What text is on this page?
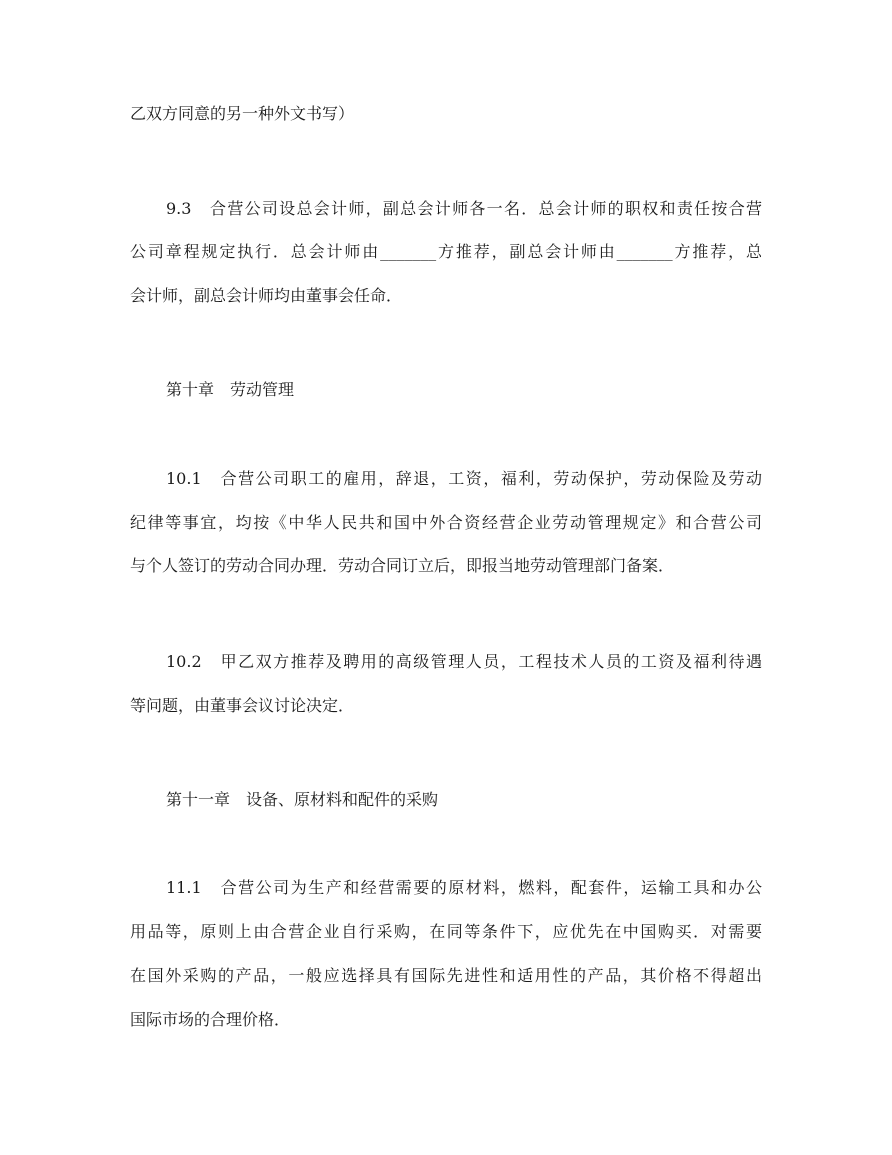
乙双方同意的另一种外文书写）

9.3　合营公司设总会计师，副总会计师各一名．总会计师的职权和责任按合营

公司章程规定执行．总会计师由_______方推荐，副总会计师由_______方推荐，总

会计师，副总会计师均由董事会任命．

第十章　劳动管理

10.1　合营公司职工的雇用，辞退，工资，福利，劳动保护，劳动保险及劳动

纪律等事宜，均按《中华人民共和国中外合资经营企业劳动管理规定》和合营公司

与个人签订的劳动合同办理．劳动合同订立后，即报当地劳动管理部门备案．

10.2　甲乙双方推荐及聘用的高级管理人员，工程技术人员的工资及福利待遇

等问题，由董事会议讨论决定．

第十一章　设备、原材料和配件的采购

11.1　合营公司为生产和经营需要的原材料，燃料，配套件，运输工具和办公

用品等，原则上由合营企业自行采购，在同等条件下，应优先在中国购买．对需要

在国外采购的产品，一般应选择具有国际先进性和适用性的产品，其价格不得超出

国际市场的合理价格．
